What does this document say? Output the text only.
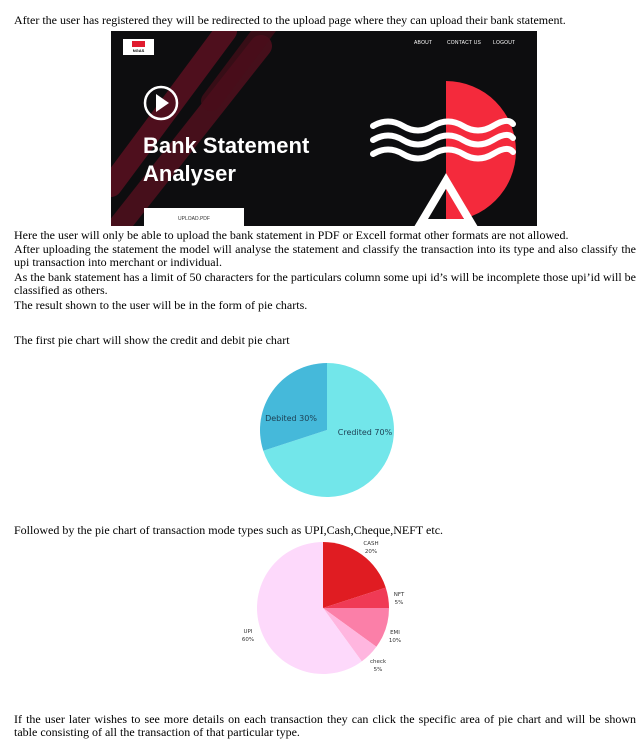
After the user has registered they will be redirected to the upload page where they can upload their bank statement.

NGAS
ABOUT	CONTACT US LOGOUT
Bank Statement
Analyser
UPLOAD.PDF

Here the user will only be able to upload the bank statement in PDF or Excell format other formats are not allowed.

After uploading the statement the model will analyse the statement and classify the transaction into its type and also classify the upi transaction into merchant or individual.

As the bank statement has a limit of 50 characters for the particulars column some upi id’s will be incomplete those upi’id will be classified as others.

The result shown to the user will be in the form of pie charts.

The first pie chart will show the credit and debit pie chart

Credited 70%
Debited 30%

Followed by the pie chart of transaction mode types such as UPI,Cash,Cheque,NEFT etc.

CASH
20%
NFT
5%
EMI
10%
check
5%
UPI
60%

If the user later wishes to see more details on each transaction they can click the specific area of pie chart and will be shown table consisting of all the transaction of that particular type.
